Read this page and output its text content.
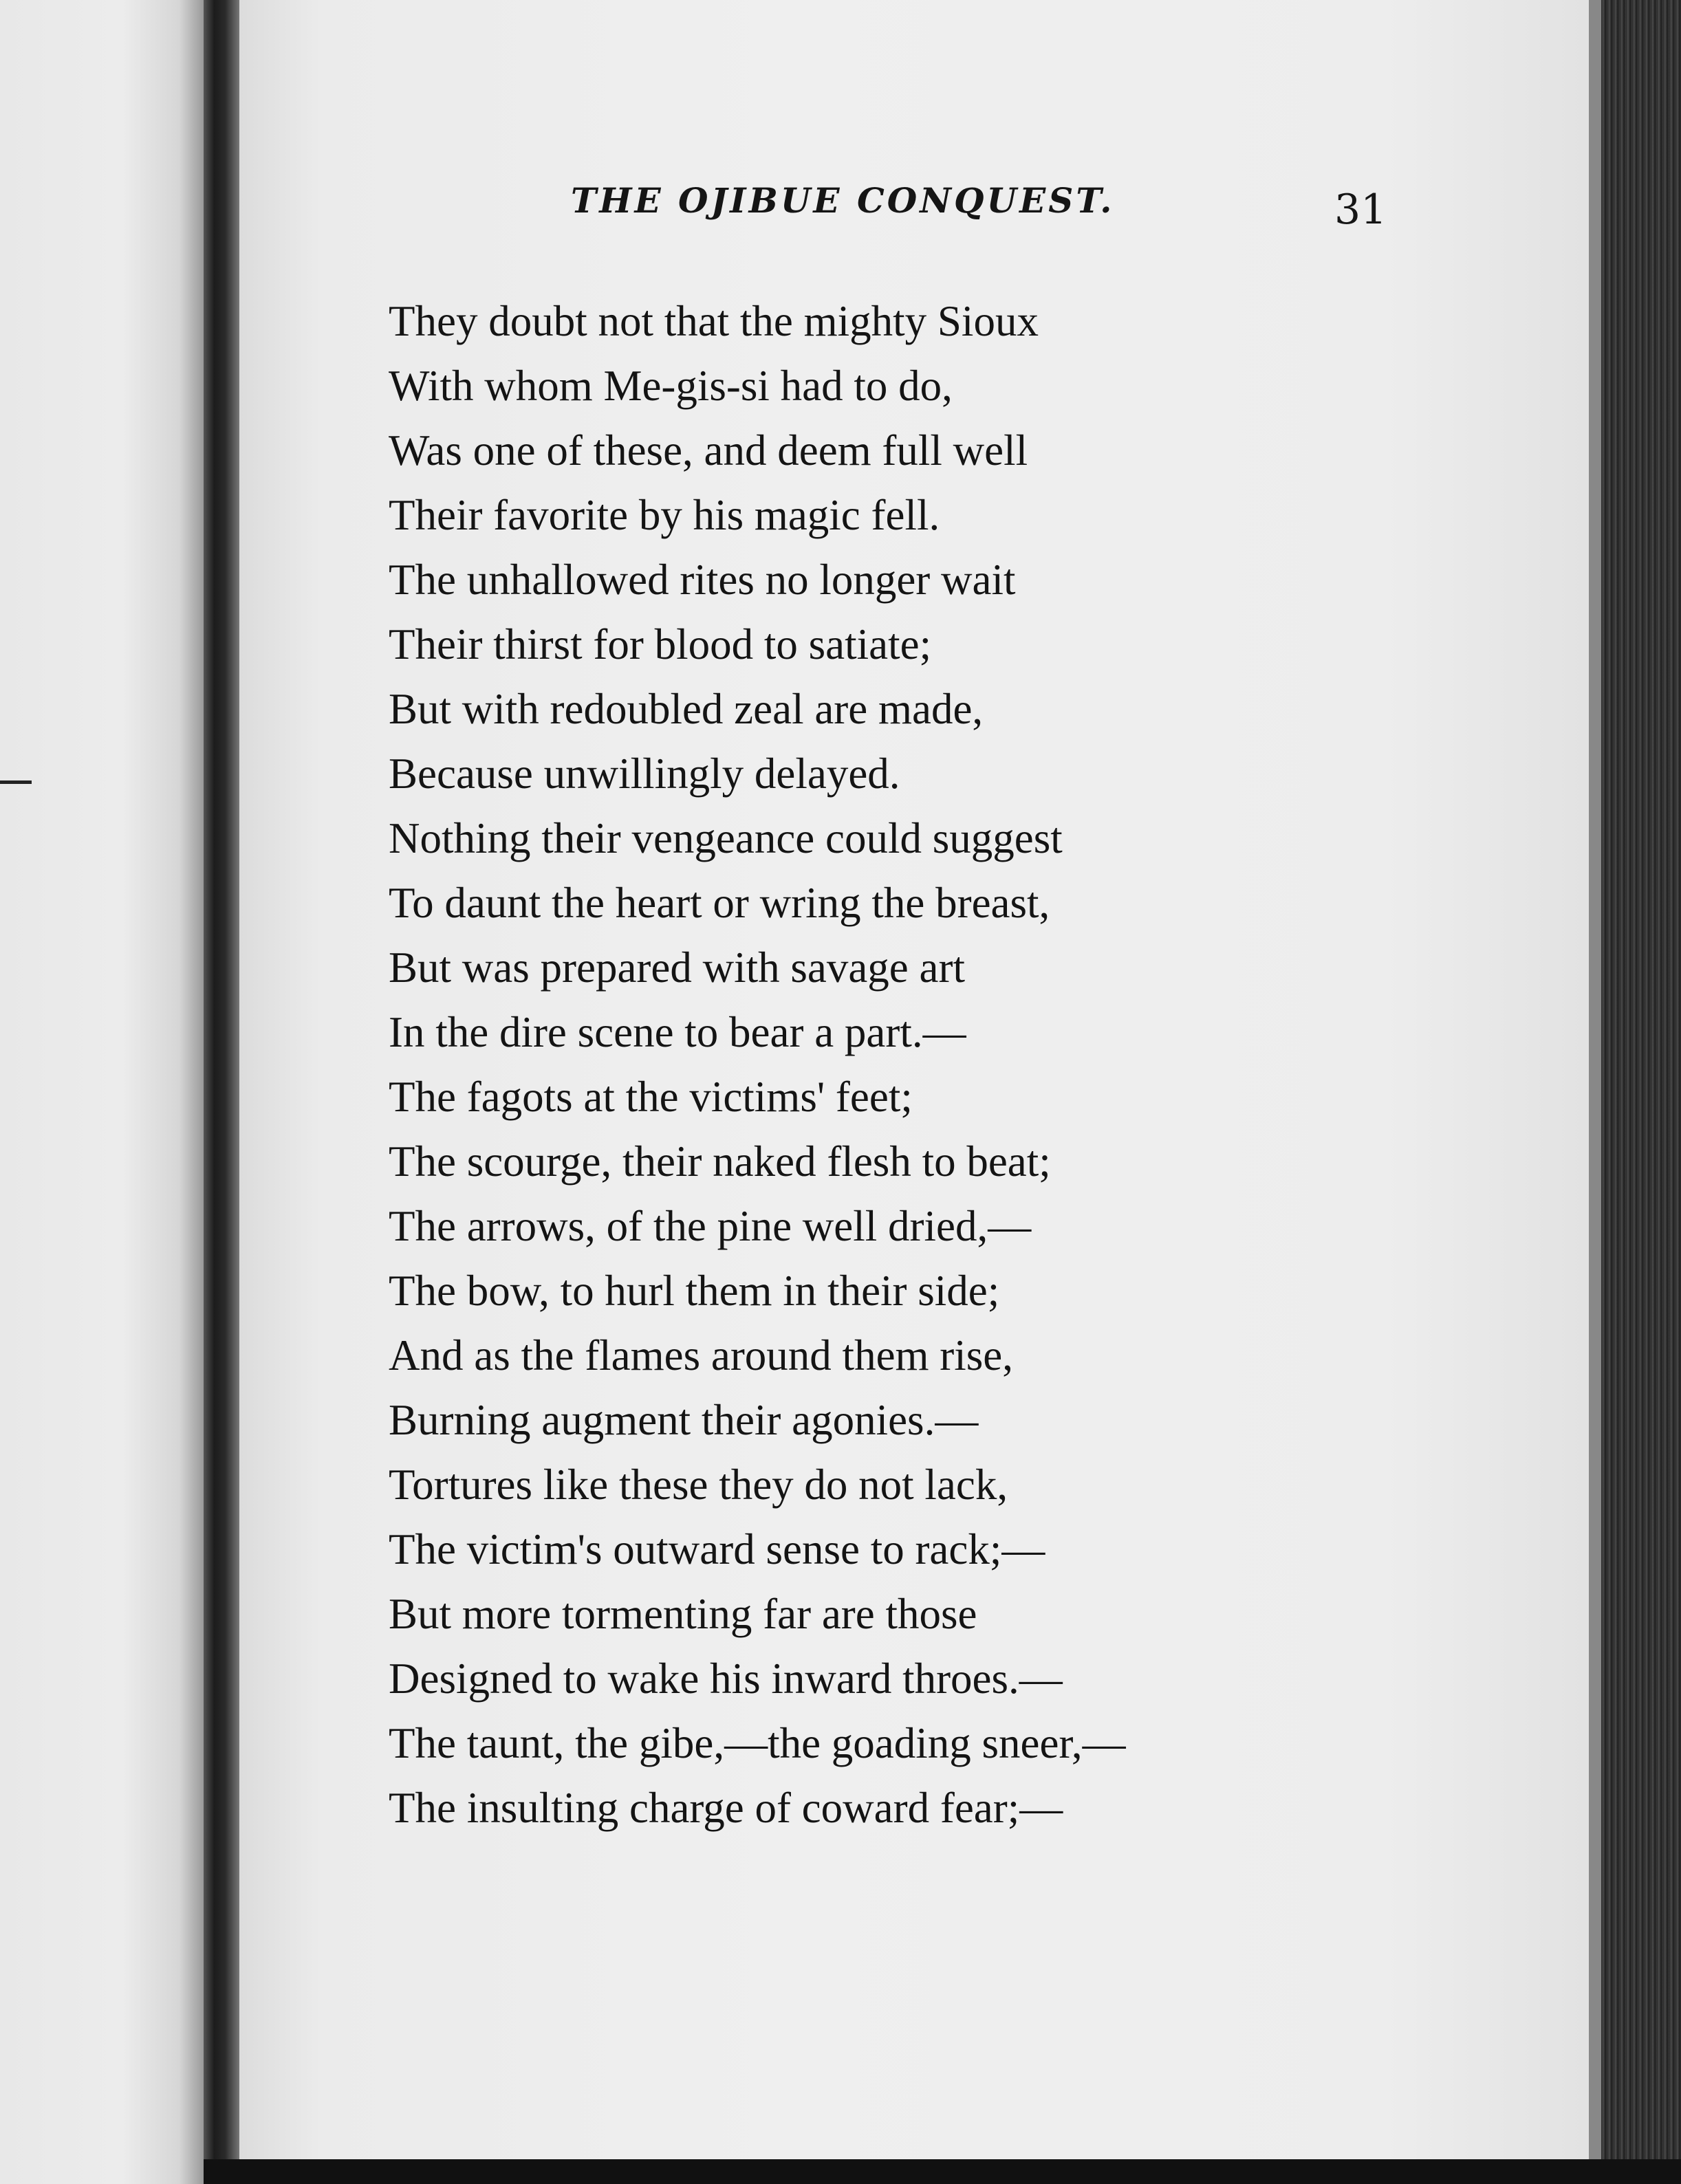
THE OJIBUE CONQUEST.	31

They doubt not that the mighty Sioux
With whom Me-gis-si had to do,
Was one of these, and deem full well
Their favorite by his magic fell.
The unhallowed rites no longer wait
Their thirst for blood to satiate;
But with redoubled zeal are made,
Because unwillingly delayed.
Nothing their vengeance could suggest
To daunt the heart or wring the breast,
But was prepared with savage art
In the dire scene to bear a part.—
The fagots at the victims' feet;
The scourge, their naked flesh to beat;
The arrows, of the pine well dried,—
The bow, to hurl them in their side;
And as the flames around them rise,
Burning augment their agonies.—
Tortures like these they do not lack,
The victim's outward sense to rack;—
But more tormenting far are those
Designed to wake his inward throes.—
The taunt, the gibe,—the goading sneer,—
The insulting charge of coward fear;—
